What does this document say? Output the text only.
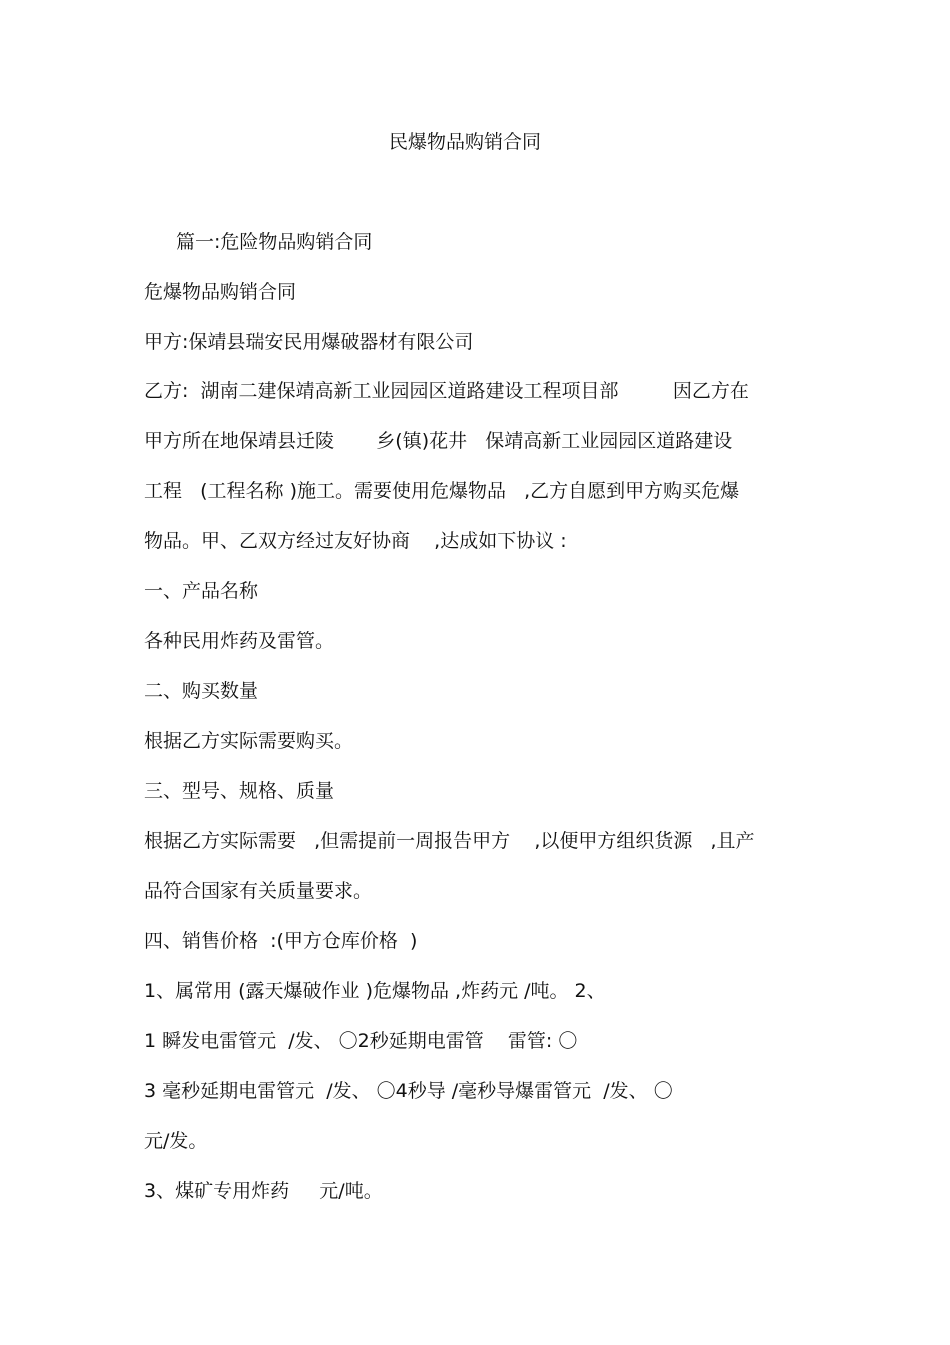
民爆物品购销合同
篇一:危险物品购销合同
危爆物品购销合同
甲方:保靖县瑞安民用爆破器材有限公司
乙方:  湖南二建保靖高新工业园园区道路建设工程项目部         因乙方在
甲方所在地保靖县迁陵       乡(镇)花井   保靖高新工业园园区道路建设
工程   (工程名称 )施工。需要使用危爆物品   ,乙方自愿到甲方购买危爆
物品。甲、乙双方经过友好协商    ,达成如下协议 :
一、产品名称
各种民用炸药及雷管。
二、购买数量
根据乙方实际需要购买。
三、型号、规格、质量
根据乙方实际需要   ,但需提前一周报告甲方    ,以便甲方组织货源   ,且产
品符合国家有关质量要求。
四、销售价格  :(甲方仓库价格  )
1、属常用 (露天爆破作业 )危爆物品 ,炸药元 /吨。 2、
1 瞬发电雷管元  /发、 〇2秒延期电雷管    雷管: 〇
3 毫秒延期电雷管元  /发、 〇4秒导 /毫秒导爆雷管元  /发、 〇
元/发。
3、煤矿专用炸药     元/吨。
